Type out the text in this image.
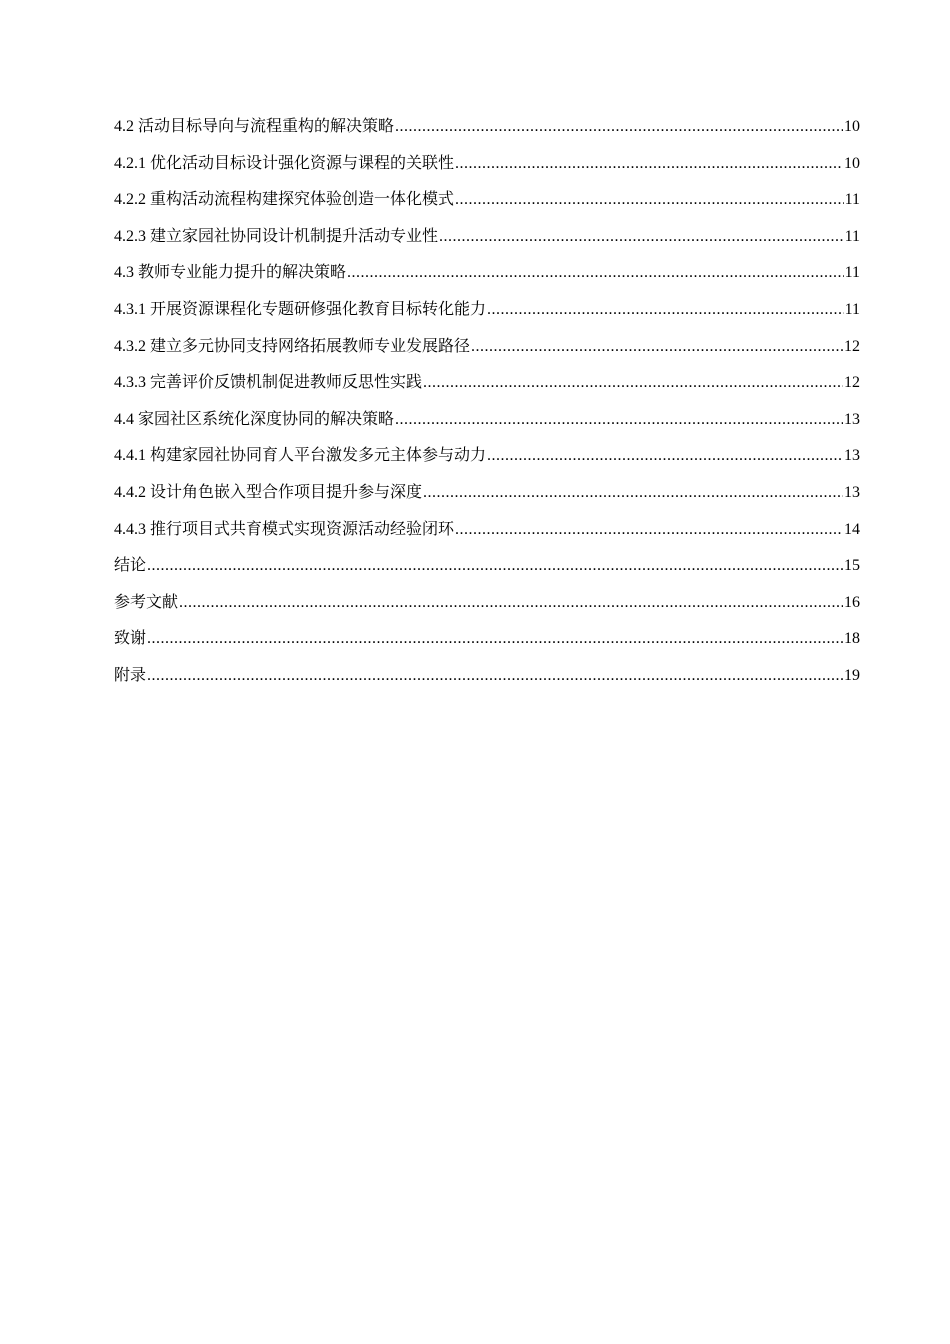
4.2 活动目标导向与流程重构的解决策略 .....	10
4.2.1 优化活动目标设计强化资源与课程的关联性 .....	10
4.2.2 重构活动流程构建探究体验创造一体化模式 .....	11
4.2.3 建立家园社协同设计机制提升活动专业性 .....	11
4.3 教师专业能力提升的解决策略 .....	11
4.3.1 开展资源课程化专题研修强化教育目标转化能力 .....	11
4.3.2 建立多元协同支持网络拓展教师专业发展路径 .....	12
4.3.3 完善评价反馈机制促进教师反思性实践 .....	12
4.4 家园社区系统化深度协同的解决策略 .....	13
4.4.1 构建家园社协同育人平台激发多元主体参与动力 .....	13
4.4.2 设计角色嵌入型合作项目提升参与深度 .....	13
4.4.3 推行项目式共育模式实现资源活动经验闭环 .....	14
结论 .....	15
参考文献 .....	16
致谢 .....	18
附录 .....	19
